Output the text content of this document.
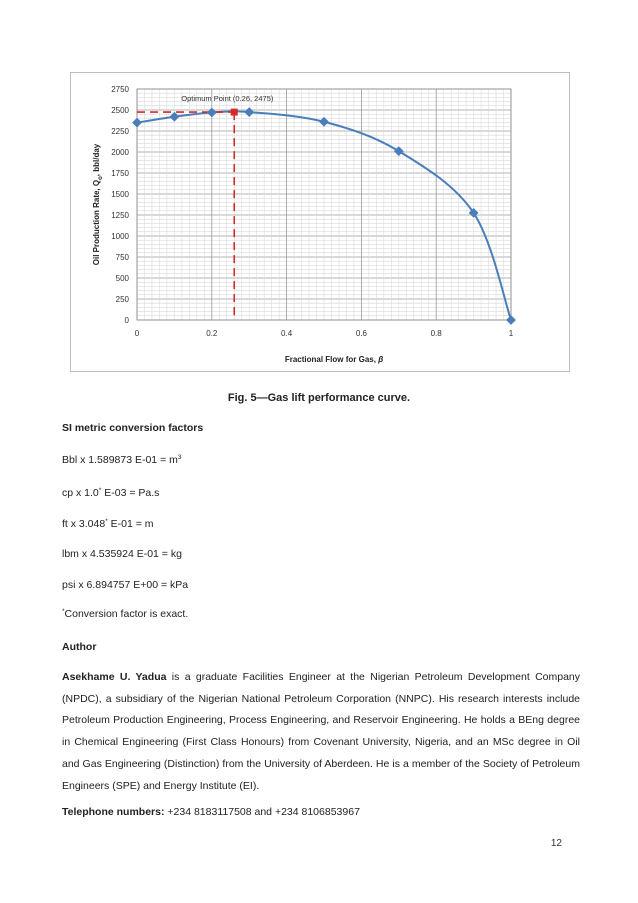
0
250
500
750
1000
1250
1500
1750
2000
2250
2500
2750
0	0.2	0.4	0.6	0.8	1
Fractional Flow for Gas, β
Oil Production Rate, $Q_o$, bbl/day
Optimum Point (0.26, 2475)
Fig. 5—Gas lift performance curve.
SI metric conversion factors
Bbl x 1.589873 $E-01 = m^3$
cp x 1.0* E-03 = Pa.s
ft x 3.048* E-01 = m
lbm x 4.535924 E-01 = kg
psi x 6.894757 E+00 = kPa
*Conversion factor is exact.
Author
Asekhame U. Yadua is a graduate Facilities Engineer at the Nigerian Petroleum Development Company (NPDC), a subsidiary of the Nigerian National Petroleum Corporation (NNPC). His research interests include Petroleum Production Engineering, Process Engineering, and Reservoir Engineering. He holds a BEng degree in Chemical Engineering (First Class Honours) from Covenant University, Nigeria, and an MSc degree in Oil and Gas Engineering (Distinction) from the University of Aberdeen. He is a member of the Society of Petroleum Engineers (SPE) and Energy Institute (EI).
Telephone numbers: +234 8183117508 and +234 8106853967
12
